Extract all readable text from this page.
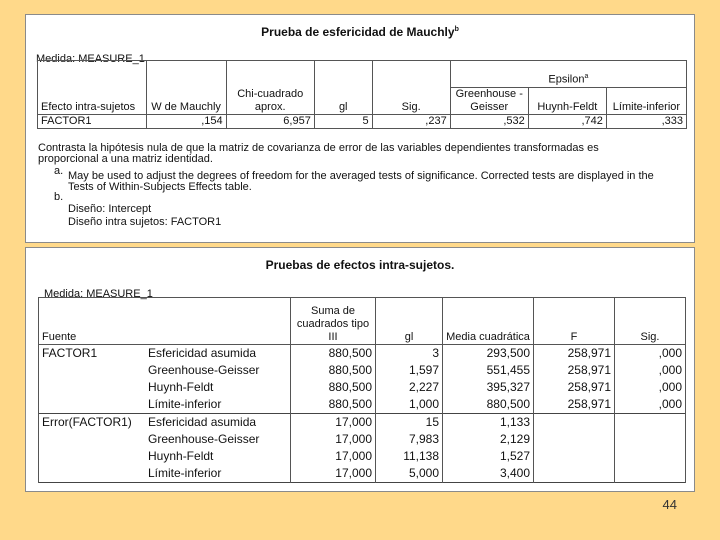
Prueba de esfericidad de Mauchly$^b$
Medida: MEASURE_1
Efecto intra-sujetos	W de Mauchly	Chi-cuadrado aprox.	gl	Sig.	Epsilon$^a$
					Greenhouse -Geisser	Huynh-Feldt	Límite-inferior
FACTOR1	,154	6,957	5	,237	,532	,742	,333
Contrasta la hipótesis nula de que la matriz de covarianza de error de las variables dependientes transformadas es
proporcional a una matriz identidad.
a. May be used to adjust the degrees of freedom for the averaged tests of significance. Corrected tests are displayed in the
Tests of Within-Subjects Effects table.
b.
Diseño: Intercept
Diseño intra sujetos: FACTOR1
Pruebas de efectos intra-sujetos.
Medida: MEASURE_1
Fuente		Suma de cuadrados tipo III	gl	Media cuadrática	F	Sig.
FACTOR1	Esfericidad asumida	880,500	3	293,500	258,971	,000
	Greenhouse-Geisser	880,500	1,597	551,455	258,971	,000
	Huynh-Feldt	880,500	2,227	395,327	258,971	,000
	Límite-inferior	880,500	1,000	880,500	258,971	,000
Error(FACTOR1)	Esfericidad asumida	17,000	15	1,133		
	Greenhouse-Geisser	17,000	7,983	2,129		
	Huynh-Feldt	17,000	11,138	1,527		
	Límite-inferior	17,000	5,000	3,400		
44
